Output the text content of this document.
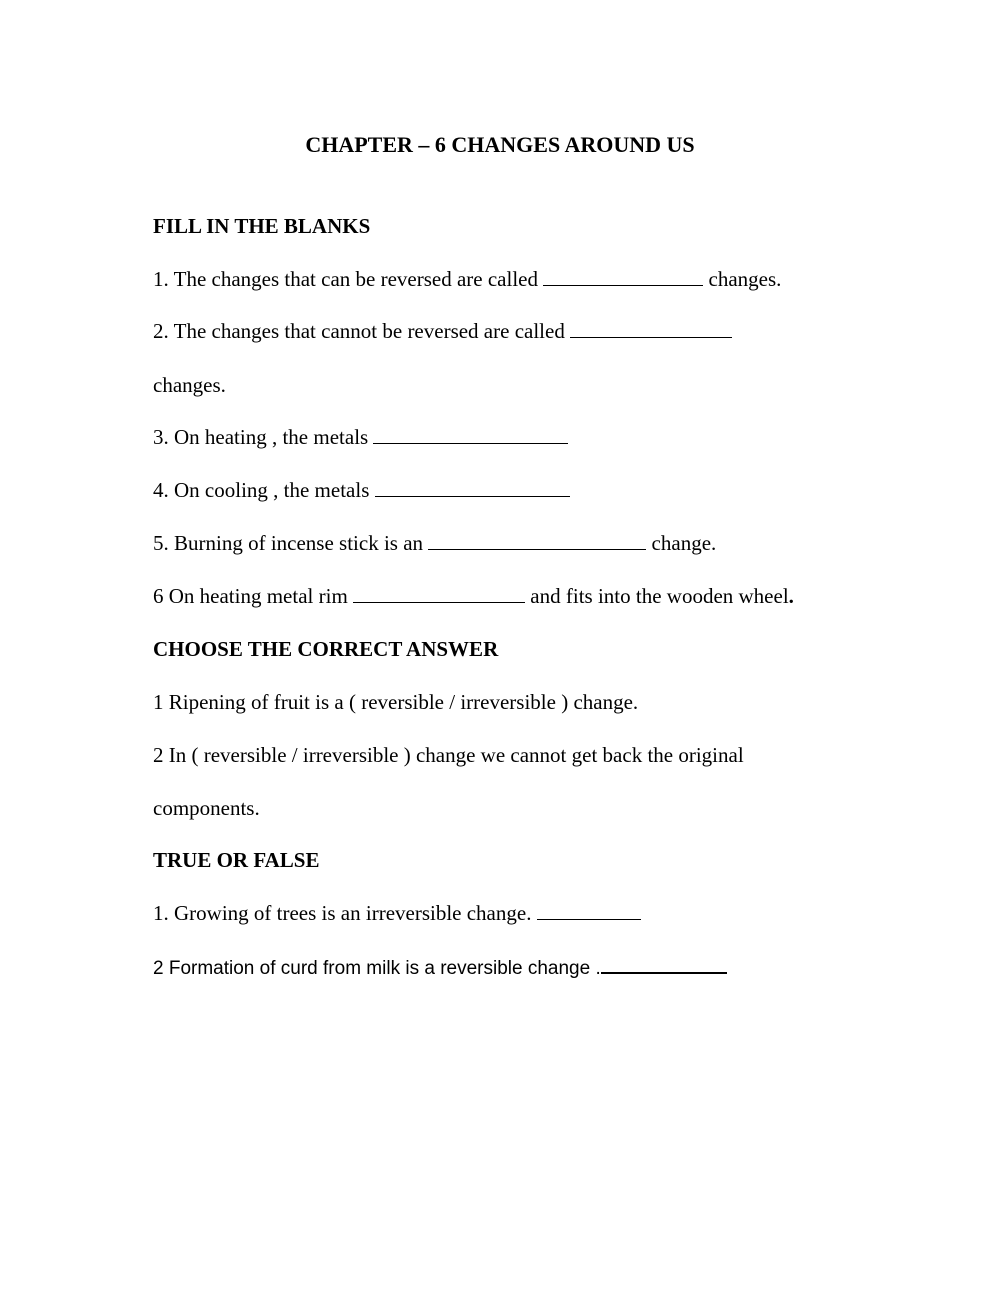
CHAPTER – 6 CHANGES AROUND US
FILL IN THE BLANKS
1. The changes that can be reversed are called	changes.
2. The changes that cannot be reversed are called
changes.
3. On heating , the metals
4. On cooling , the metals
5. Burning of incense stick is an	change.
6 On heating metal rim	and fits into the wooden wheel.
CHOOSE THE CORRECT ANSWER
1 Ripening of fruit is a ( reversible / irreversible ) change.
2 In ( reversible / irreversible ) change we cannot get back the original
components.
TRUE OR FALSE
1. Growing of trees is an irreversible change.
2 Formation of curd from milk is a reversible change .
